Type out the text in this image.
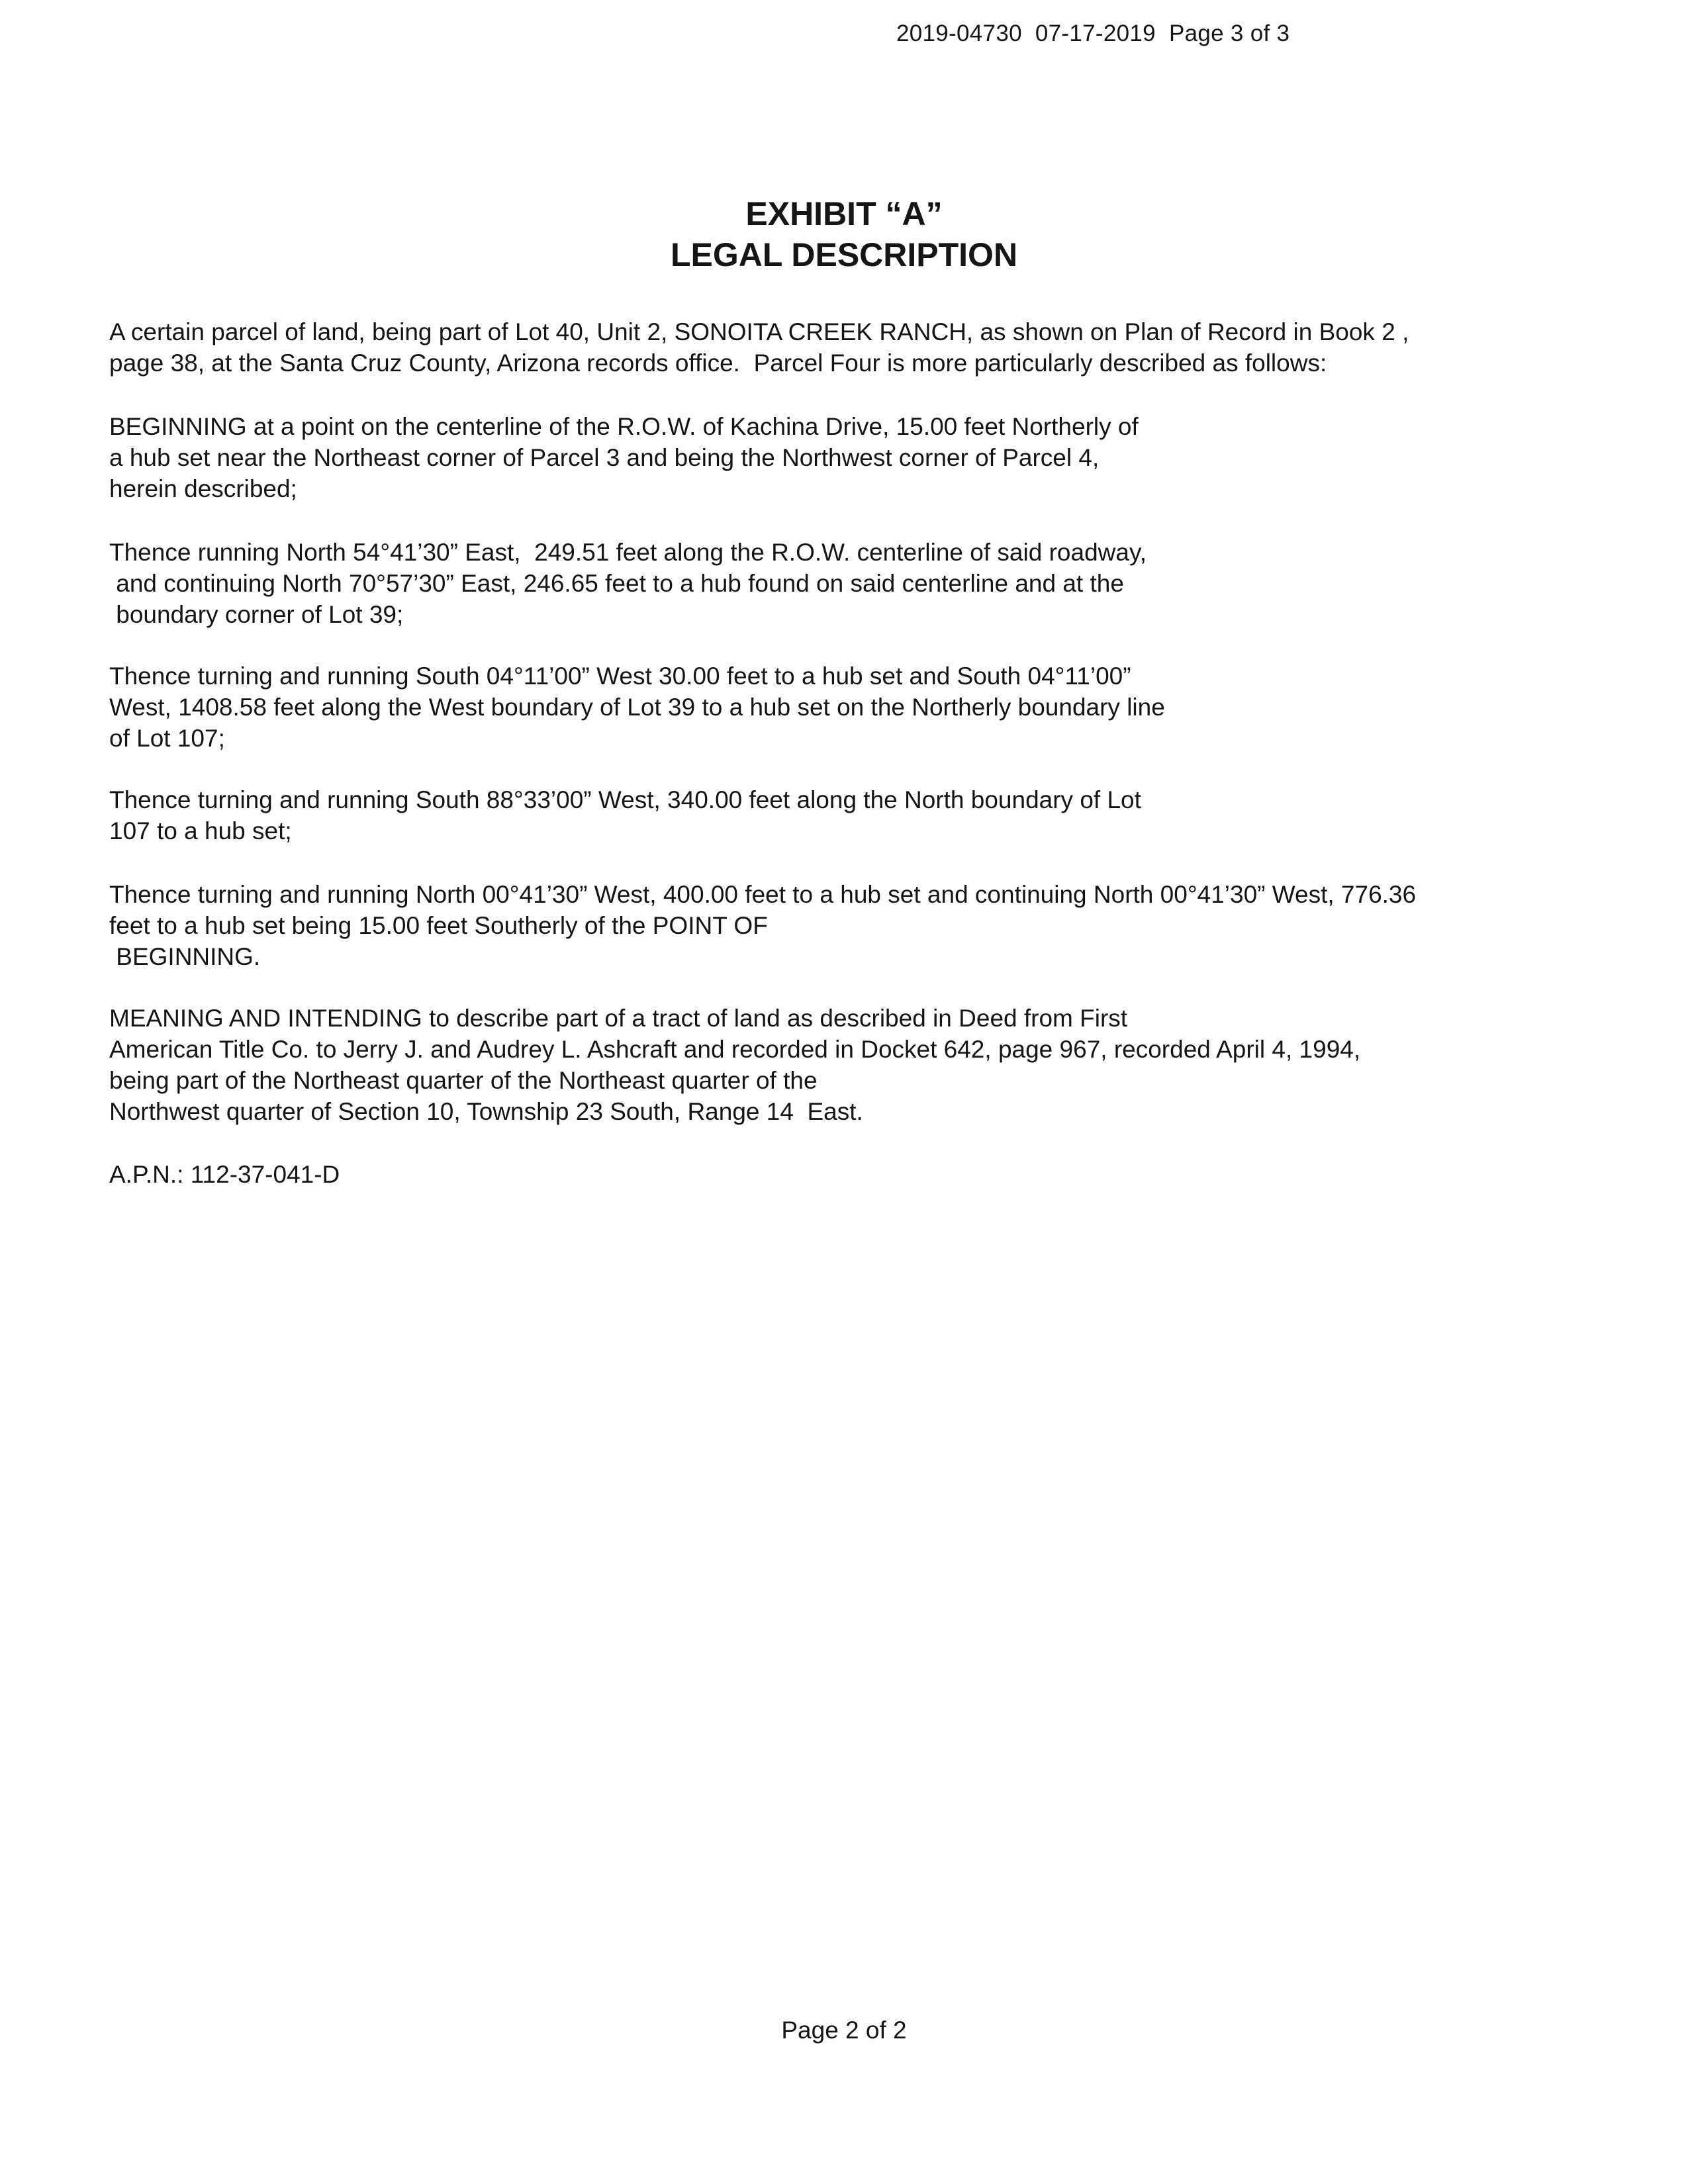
2019-04730  07-17-2019  Page 3 of 3
EXHIBIT “A”
LEGAL DESCRIPTION
A certain parcel of land, being part of Lot 40, Unit 2, SONOITA CREEK RANCH, as shown on Plan of Record in Book 2 ,
page 38, at the Santa Cruz County, Arizona records office.  Parcel Four is more particularly described as follows:
BEGINNING at a point on the centerline of the R.O.W. of Kachina Drive, 15.00 feet Northerly of
a hub set near the Northeast corner of Parcel 3 and being the Northwest corner of Parcel 4,
herein described;
Thence running North 54°41’30” East,  249.51 feet along the R.O.W. centerline of said roadway,
and continuing North 70°57’30” East, 246.65 feet to a hub found on said centerline and at the
boundary corner of Lot 39;
Thence turning and running South 04°11’00” West 30.00 feet to a hub set and South 04°11’00”
West, 1408.58 feet along the West boundary of Lot 39 to a hub set on the Northerly boundary line
of Lot 107;
Thence turning and running South 88°33’00” West, 340.00 feet along the North boundary of Lot
107 to a hub set;
Thence turning and running North 00°41’30” West, 400.00 feet to a hub set and continuing North 00°41’30” West, 776.36
feet to a hub set being 15.00 feet Southerly of the POINT OF
BEGINNING.
MEANING AND INTENDING to describe part of a tract of land as described in Deed from First
American Title Co. to Jerry J. and Audrey L. Ashcraft and recorded in Docket 642, page 967, recorded April 4, 1994,
being part of the Northeast quarter of the Northeast quarter of the
Northwest quarter of Section 10, Township 23 South, Range 14  East.
A.P.N.: 112-37-041-D
Page 2 of 2
